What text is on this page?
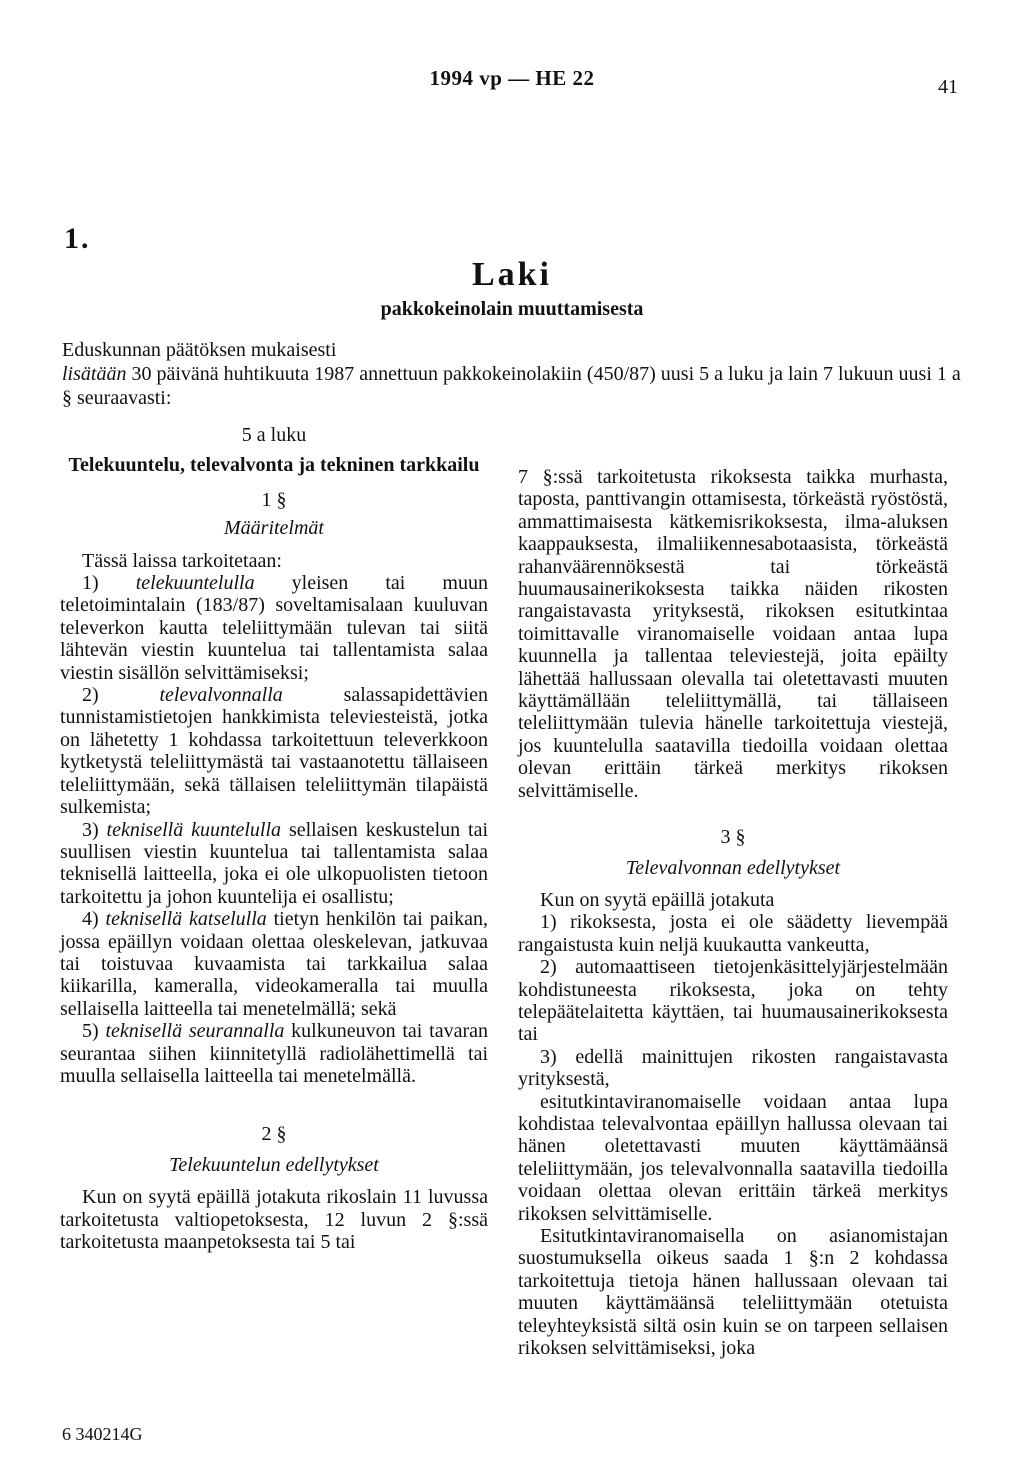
1994 vp — HE 22	41
1.
Laki
pakkokeinolain muuttamisesta

Eduskunnan päätöksen mukaisesti

lisätään 30 päivänä huhtikuuta 1987 annettuun pakkokeinolakiin (450/87) uusi 5 a luku ja lain 7 lukuun uusi 1 a § seuraavasti:

5 a luku

Telekuuntelu, televalvonta ja tekninen tarkkailu

1 §

Määritelmät

Tässä laissa tarkoitetaan:

1) telekuuntelulla yleisen tai muun teletoimintalain (183/87) soveltamisalaan kuuluvan televerkon kautta teleliittymään tulevan tai siitä lähtevän viestin kuuntelua tai tallentamista salaa viestin sisällön selvittämiseksi;

2) televalvonnalla salassapidettävien tunnistamistietojen hankkimista televiesteistä, jotka on lähetetty 1 kohdassa tarkoitettuun televerkkoon kytketystä teleliittymästä tai vastaanotettu tällaiseen teleliittymään, sekä tällaisen teleliittymän tilapäistä sulkemista;

3) teknisellä kuuntelulla sellaisen keskustelun tai suullisen viestin kuuntelua tai tallentamista salaa teknisellä laitteella, joka ei ole ulkopuolisten tietoon tarkoitettu ja johon kuuntelija ei osallistu;

4) teknisellä katselulla tietyn henkilön tai paikan, jossa epäillyn voidaan olettaa oleskelevan, jatkuvaa tai toistuvaa kuvaamista tai tarkkailua salaa kiikarilla, kameralla, videokameralla tai muulla sellaisella laitteella tai menetelmällä; sekä

5) teknisellä seurannalla kulkuneuvon tai tavaran seurantaa siihen kiinnitetyllä radiolähettimellä tai muulla sellaisella laitteella tai menetelmällä.

2 §

Telekuuntelun edellytykset

Kun on syytä epäillä jotakuta rikoslain 11 luvussa tarkoitetusta valtiopetoksesta, 12 luvun 2 §:ssä tarkoitetusta maanpetoksesta tai 5 tai

7 §:ssä tarkoitetusta rikoksesta taikka murhasta, taposta, panttivangin ottamisesta, törkeästä ryöstöstä, ammattimaisesta kätkemisrikoksesta, ilma-aluksen kaappauksesta, ilmaliikennesabotaasista, törkeästä rahanväärennöksestä tai törkeästä huumausainerikoksesta taikka näiden rikosten rangaistavasta yrityksestä, rikoksen esitutkintaa toimittavalle viranomaiselle voidaan antaa lupa kuunnella ja tallentaa televiestejä, joita epäilty lähettää hallussaan olevalla tai oletettavasti muuten käyttämällään teleliittymällä, tai tällaiseen teleliittymään tulevia hänelle tarkoitettuja viestejä, jos kuuntelulla saatavilla tiedoilla voidaan olettaa olevan erittäin tärkeä merkitys rikoksen selvittämiselle.

3 §

Televalvonnan edellytykset

Kun on syytä epäillä jotakuta

1) rikoksesta, josta ei ole säädetty lievempää rangaistusta kuin neljä kuukautta vankeutta,

2) automaattiseen tietojenkäsittelyjärjestelmään kohdistuneesta rikoksesta, joka on tehty telepäätelaitetta käyttäen, tai huumausainerikoksesta tai

3) edellä mainittujen rikosten rangaistavasta yrityksestä,

esitutkintaviranomaiselle voidaan antaa lupa kohdistaa televalvontaa epäillyn hallussa olevaan tai hänen oletettavasti muuten käyttämäänsä teleliittymään, jos televalvonnalla saatavilla tiedoilla voidaan olettaa olevan erittäin tärkeä merkitys rikoksen selvittämiselle.

Esitutkintaviranomaisella on asianomistajan suostumuksella oikeus saada 1 §:n 2 kohdassa tarkoitettuja tietoja hänen hallussaan olevaan tai muuten käyttämäänsä teleliittymään otetuista teleyhteyksistä siltä osin kuin se on tarpeen sellaisen rikoksen selvittämiseksi, joka

6 340214G
